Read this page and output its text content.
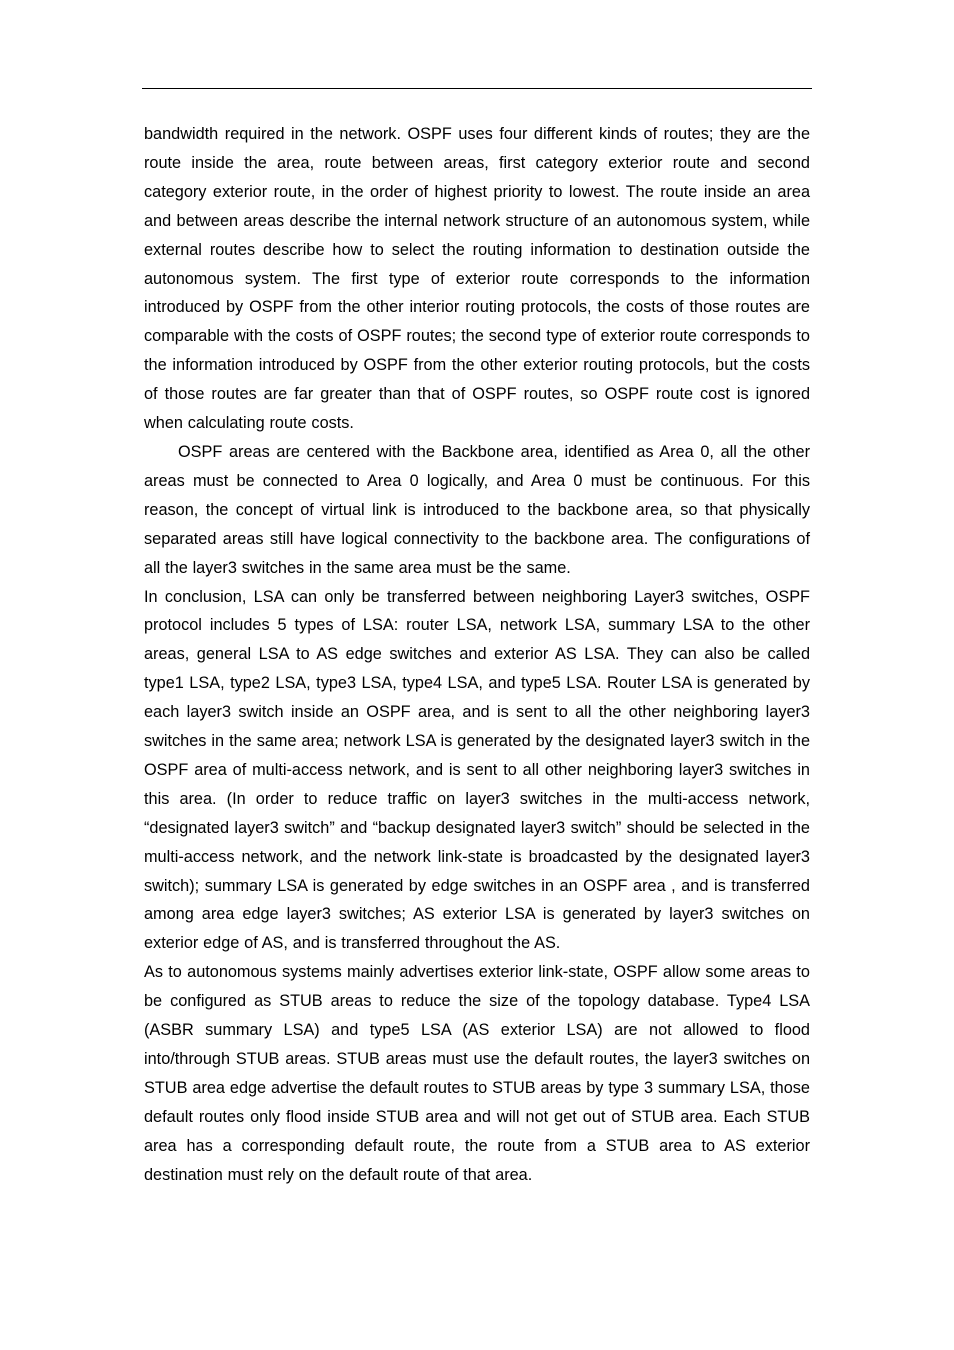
bandwidth required in the network. OSPF uses four different kinds of routes; they are the route inside the area, route between areas, first category exterior route and second category exterior route, in the order of highest priority to lowest. The route inside an area and between areas describe the internal network structure of an autonomous system, while external routes describe how to select the routing information to destination outside the autonomous system. The first type of exterior route corresponds to the information introduced by OSPF from the other interior routing protocols, the costs of those routes are comparable with the costs of OSPF routes; the second type of exterior route corresponds to the information introduced by OSPF from the other exterior routing protocols, but the costs of those routes are far greater than that of OSPF routes, so OSPF route cost is ignored when calculating route costs.

OSPF areas are centered with the Backbone area, identified as Area 0, all the other areas must be connected to Area 0 logically, and Area 0 must be continuous. For this reason, the concept of virtual link is introduced to the backbone area, so that physically separated areas still have logical connectivity to the backbone area. The configurations of all the layer3 switches in the same area must be the same.

In conclusion, LSA can only be transferred between neighboring Layer3 switches, OSPF protocol includes 5 types of LSA: router LSA, network LSA, summary LSA to the other areas, general LSA to AS edge switches and exterior AS LSA. They can also be called type1 LSA, type2 LSA, type3 LSA, type4 LSA, and type5 LSA. Router LSA is generated by each layer3 switch inside an OSPF area, and is sent to all the other neighboring layer3 switches in the same area; network LSA is generated by the designated layer3 switch in the OSPF area of multi-access network, and is sent to all other neighboring layer3 switches in this area. (In order to reduce traffic on layer3 switches in the multi-access network, “designated layer3 switch” and “backup designated layer3 switch” should be selected in the multi-access network, and the network link-state is broadcasted by the designated layer3 switch); summary LSA is generated by edge switches in an OSPF area , and is transferred among area edge layer3 switches; AS exterior LSA is generated by layer3 switches on exterior edge of AS, and is transferred throughout the AS.

As to autonomous systems mainly advertises exterior link-state, OSPF allow some areas to be configured as STUB areas to reduce the size of the topology database. Type4 LSA (ASBR summary LSA) and type5 LSA (AS exterior LSA) are not allowed to flood into/through STUB areas. STUB areas must use the default routes, the layer3 switches on STUB area edge advertise the default routes to STUB areas by type 3 summary LSA, those default routes only flood inside STUB area and will not get out of STUB area. Each STUB area has a corresponding default route, the route from a STUB area to AS exterior destination must rely on the default route of that area.
